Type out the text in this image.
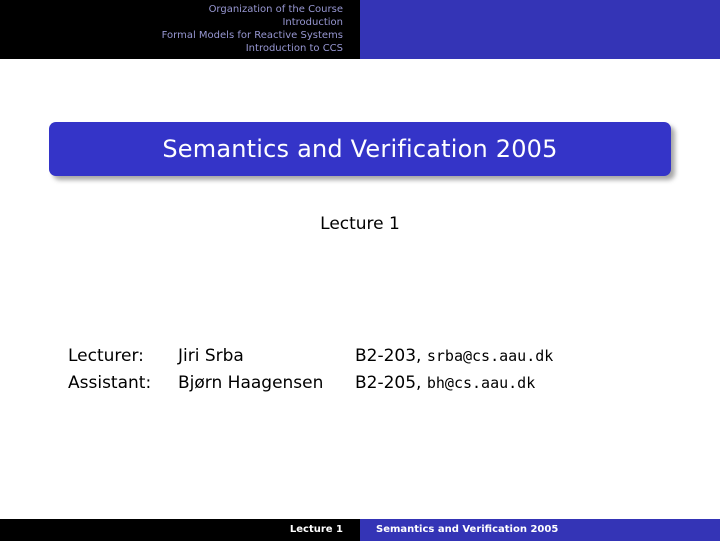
Organization of the Course
Introduction
Formal Models for Reactive Systems
Introduction to CCS
Semantics and Verification 2005
Lecture 1
Lecturer:	Jiri Srba	B2-203, srba@cs.aau.dk
Assistant:	Bjørn Haagensen	B2-205, bh@cs.aau.dk
Lecture 1	Semantics and Verification 2005
